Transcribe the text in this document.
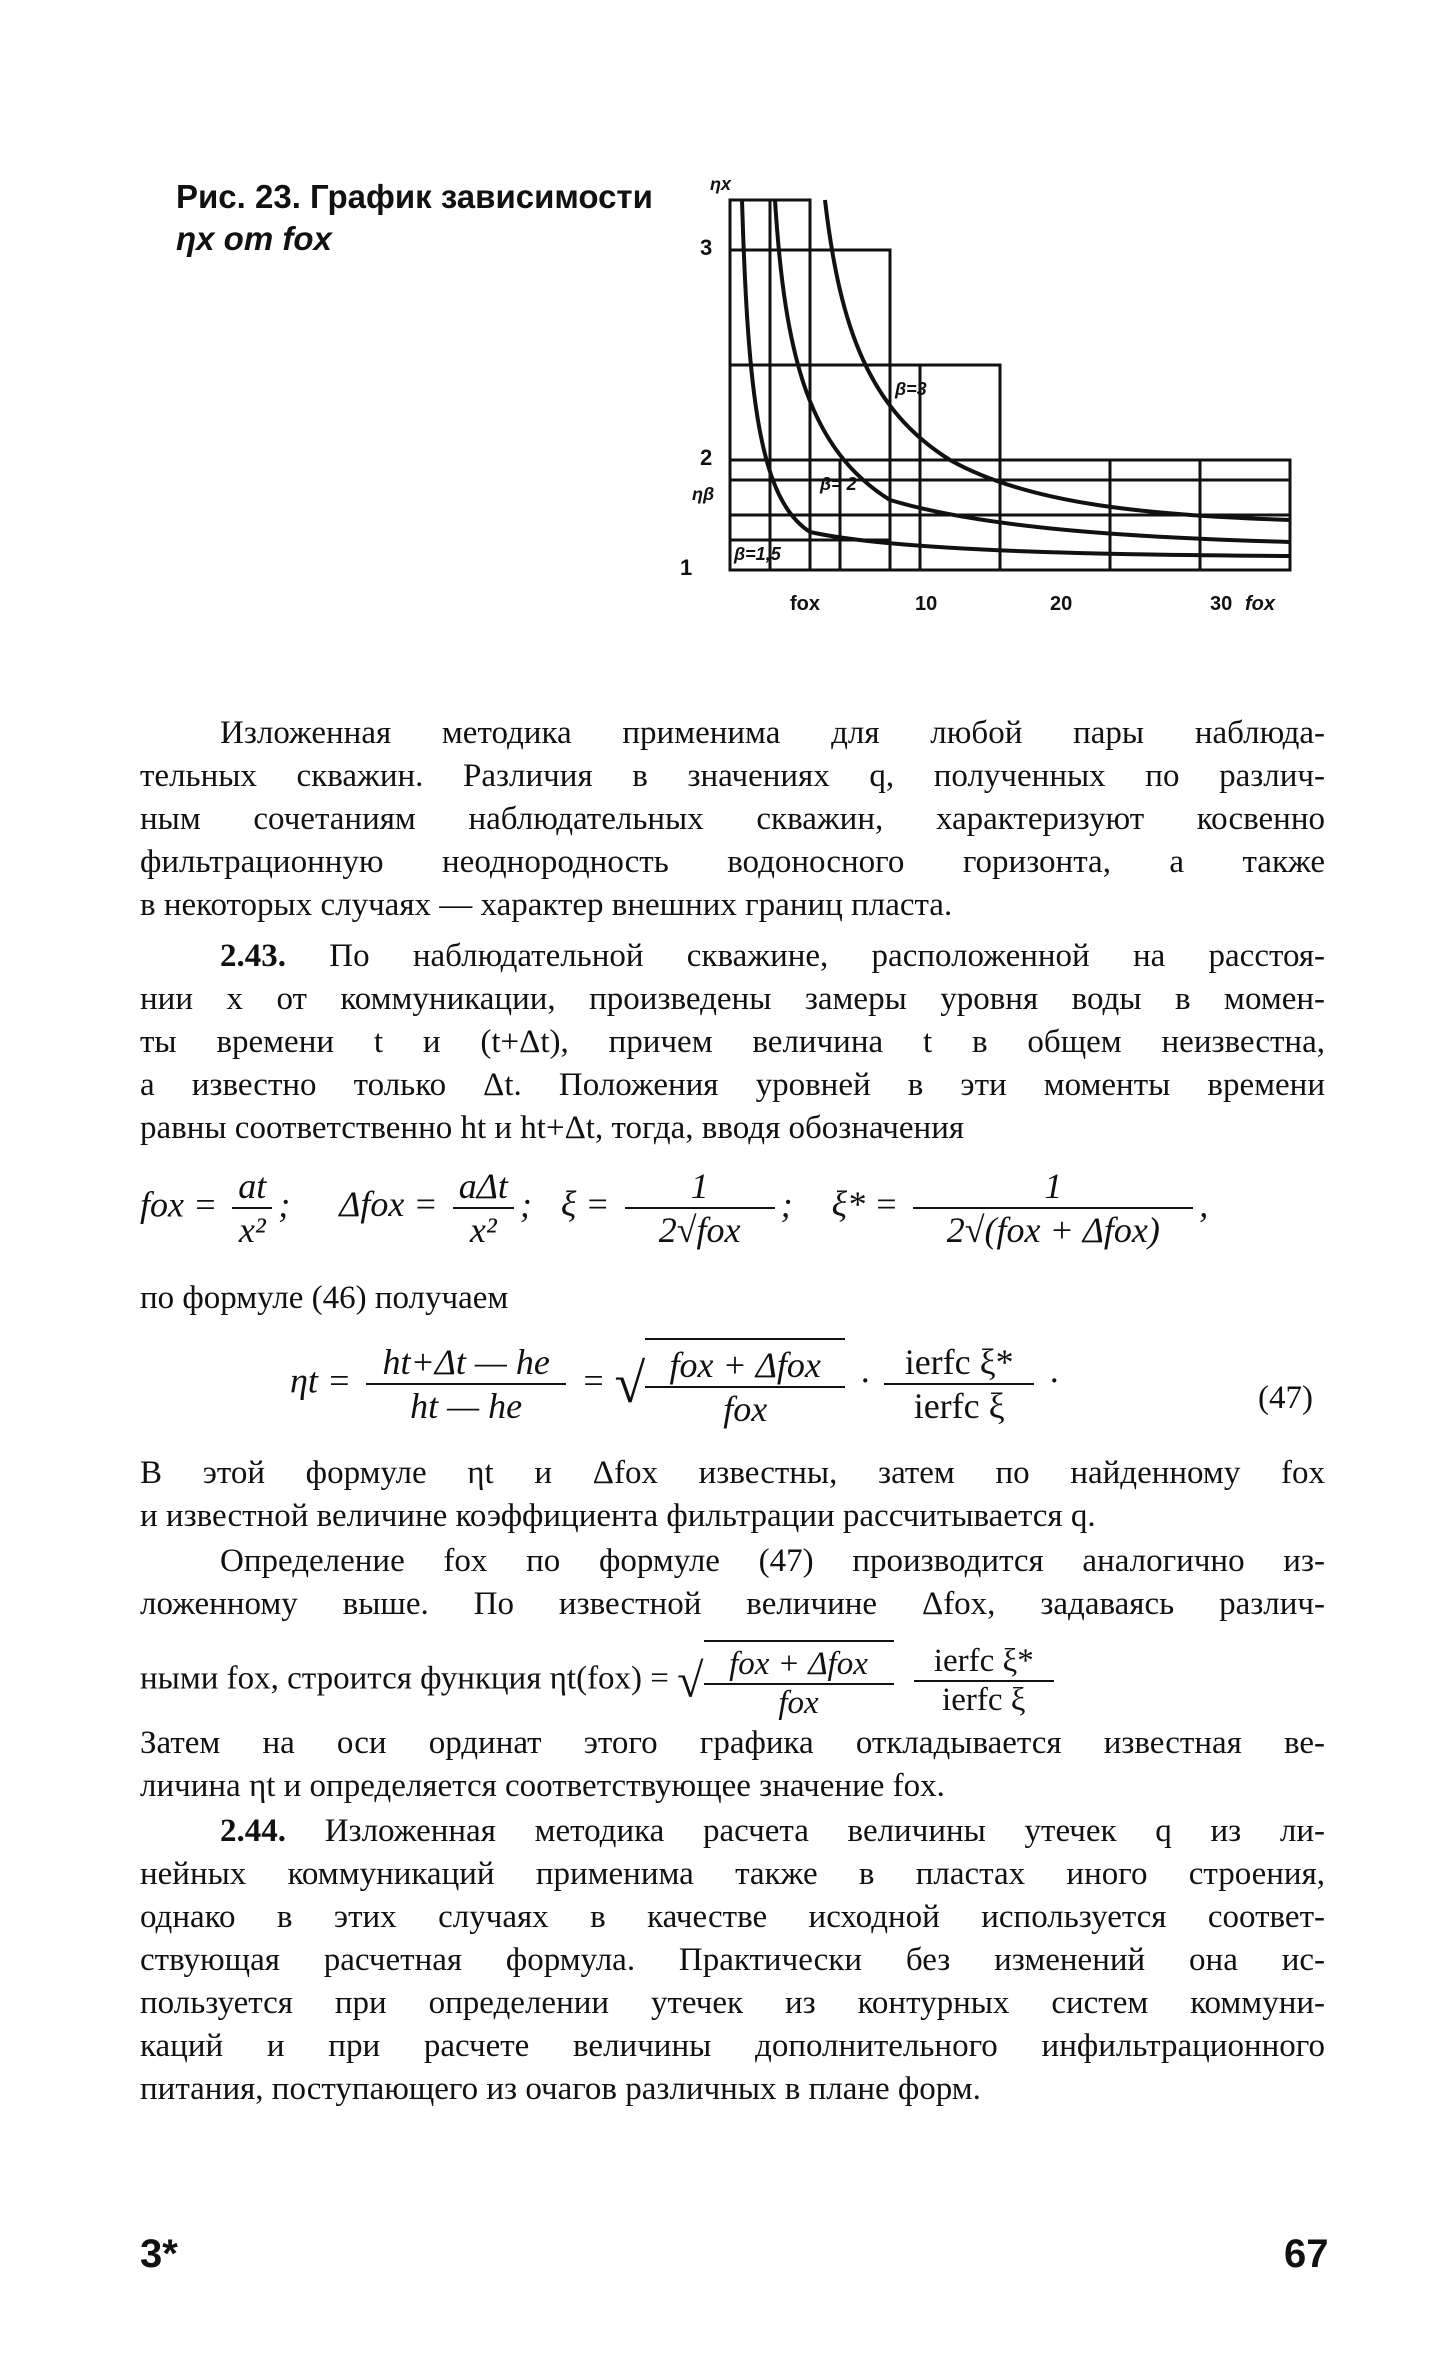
Рис. 23. График зависимости
ηx от fox
1
2
3
ηβ
ηx
fox	10	20	30 fox
β=1,5
β= 2
β=3
Изложенная методика применима для любой пары наблюда-
тельных скважин. Различия в значениях q, полученных по различ-
ным сочетаниям наблюдательных скважин, характеризуют косвенно
фильтрационную неоднородность водоносного горизонта, а также
в некоторых случаях — характер внешних границ пласта.
2.43. По наблюдательной скважине, расположенной на расстоя-
нии x от коммуникации, произведены замеры уровня воды в момен-
ты времени t и (t+Δt), причем величина t в общем неизвестна,
а известно только Δt. Положения уровней в эти моменты времени
равны соответственно ht и ht+Δt, тогда, вводя обозначения
fox = $\frac{at}{\text{x²}}$ ; $\Delta fox = \frac{\text{aΔt}}{\text{x²}}$ ; $\xi = \frac{1}{\text{2√fox}}$ ; $\xi* = \frac{1}{\text{2√(fox + Δfox)}}$ ,
по формуле (46) получаем
$\eta t = \frac{ht+\Delta t — he}{ht — he}$ = √ $\frac{\text{fox + Δfox}}{\text{fox}} \cdot \frac{\text{ierfc ξ*}}{\text{ierfc ξ}}$ ·	(47)
В этой формуле ηt и Δfox известны, затем по найденному fox
и известной величине коэффициента фильтрации рассчитывается q.
Определение fox по формуле (47) производится аналогично из-
ложенному выше. По известной величине Δfox, задаваясь различ-
ными fox, строится функция ηt(fox) = √ $\frac{\text{fox + Δfox}}{\text{fox}}$
$\frac{\text{ierfc ξ*}}{\text{ierfc ξ}}$
Затем на оси ординат этого графика откладывается известная ве-
личина ηt и определяется соответствующее значение fox.
2.44. Изложенная методика расчета величины утечек q из ли-
нейных коммуникаций применима также в пластах иного строения,
однако в этих случаях в качестве исходной используется соответ-
ствующая расчетная формула. Практически без изменений она ис-
пользуется при определении утечек из контурных систем коммуни-
каций и при расчете величины дополнительного инфильтрационного
питания, поступающего из очагов различных в плане форм.
3*	67
